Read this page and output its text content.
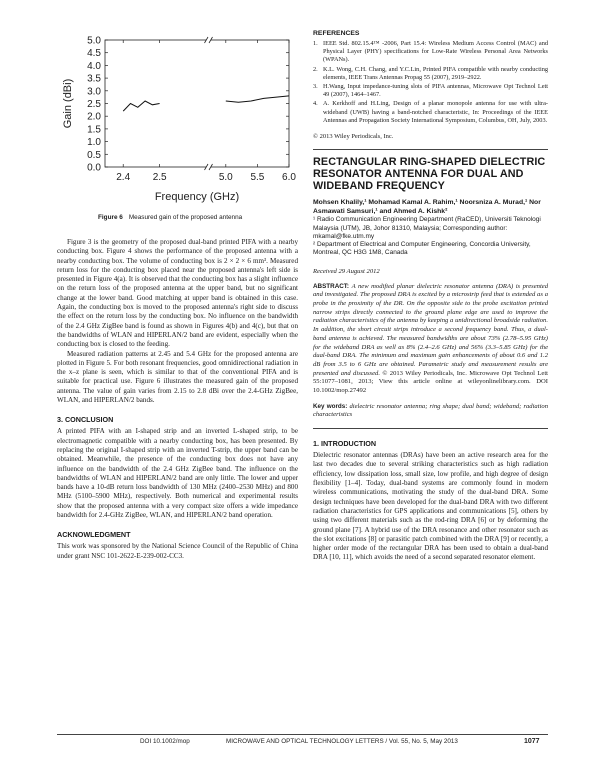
0.0
0.5
1.0
1.5
2.0
2.5
3.0
3.5
4.0
4.5
5.0
2.4 2.5	5.0 5.5 6.0
Frequency (GHz)
Gain (dBi)
Figure 6 Measured gain of the proposed antenna

Figure 3 is the geometry of the proposed dual-band printed PIFA with a nearby conducting box. Figure 4 shows the performance of the proposed antenna with a nearby conducting box. The volume of conducting box is 2 × 2 × 6 mm³. Measured return loss for the conducting box placed near the proposed antenna's left side is presented in Figure 4(a). It is observed that the conducting box has a slight influence on the return loss of the proposed antenna at the upper band, but no significant change at the lower band. Good matching at upper band is obtained in this case. Again, the conducting box is moved to the proposed antenna's right side to discuss the effect on the return loss by the conducting box. No influence on the bandwidth of the 2.4 GHz ZigBee band is found as shown in Figures 4(b) and 4(c), but that on the bandwidths of WLAN and HIPERLAN/2 band are evident, especially when the conducting box is closed to the feeding.

Measured radiation patterns at 2.45 and 5.4 GHz for the proposed antenna are plotted in Figure 5. For both resonant frequencies, good omnidirectional radiation in the x–z plane is seen, which is similar to that of the conventional PIFA and is suitable for practical use. Figure 6 illustrates the measured gain of the proposed antenna. The value of gain varies from 2.15 to 2.8 dBi over the 2.4-GHz ZigBee, WLAN, and HIPERLAN/2 bands.

3. CONCLUSION

A printed PIFA with an I-shaped strip and an inverted L-shaped strip, to be electromagnetic compatible with a nearby conducting box, has been presented. By replacing the original I-shaped strip with an inverted T-strip, the upper band can be obtained. Meanwhile, the presence of the conducting box does not have any influence on the bandwidth of the 2.4 GHz ZigBee band. The influence on the bandwidths of WLAN and HIPERLAN/2 band are only little. The lower and upper bands have a 10-dB return loss bandwidth of 130 MHz (2400–2530 MHz) and 800 MHz (5100–5900 MHz), respectively. Both numerical and experimental results show that the proposed antenna with a very compact size offers a wide impedance bandwidth for 2.4-GHz ZigBee, WLAN, and HIPERLAN/2 band operation.

ACKNOWLEDGMENT

This work was sponsored by the National Science Council of the Republic of China under grant NSC 101-2622-E-239-002-CC3.

REFERENCES
1. IEEE Std. 802.15.4™ -2006, Part 15.4: Wireless Medium Access Control (MAC) and Physical Layer (PHY) specifications for Low-Rate Wireless Personal Area Networks (WPANs).
2. K.L. Wong, C.H. Chang, and Y.C.Lin, Printed PIFA compatible with nearby conducting elements, IEEE Trans Antennas Propag 55 (2007), 2919–2922.
3. H.Wang, Input impedance-tuning slots of PIFA antennas, Microwave Opt Technol Lett 49 (2007), 1464–1467.
4. A. Kerkhoff and H.Ling, Design of a planar monopole antenna for use with ultra-wideband (UWB) having a band-notched characteristic, In: Proceedings of the IEEE Antennas and Propagation Society International Symposium, Columbus, OH, July, 2003.

© 2013 Wiley Periodicals, Inc.

RECTANGULAR RING-SHAPED DIELECTRIC RESONATOR ANTENNA FOR DUAL AND WIDEBAND FREQUENCY

Mohsen Khalily,¹ Mohamad Kamal A. Rahim,¹ Noorsniza A. Murad,¹ Nor Asmawati Samsuri,¹ and Ahmed A. Kishk²

¹ Radio Communication Engineering Department (RaCED), Universiti Teknologi Malaysia (UTM), JB, Johor 81310, Malaysia; Corresponding author: mkamal@fke.utm.my

² Department of Electrical and Computer Engineering, Concordia University, Montreal, QC H3G 1M8, Canada

Received 29 August 2012

ABSTRACT: A new modified planar dielectric resonator antenna (DRA) is presented and investigated. The proposed DRA is excited by a microstrip feed that is extended as a probe in the proximity of the DR. On the opposite side to the probe excitation printed narrow strips directly connected to the ground plane edge are used to improve the radiation characteristics of the antenna by keeping a unidirectional broadside radiation. In addition, the short circuit strips introduce a second frequency band. Thus, a dual-band antenna is achieved. The measured bandwidths are about 73% (2.78–5.95 GHz) for the wideband DRA as well as 8% (2.4–2.6 GHz) and 56% (3.3–5.85 GHz) for the dual-band DRA. The minimum and maximum gain enhancements of about 0.6 and 1.2 dB from 3.5 to 6 GHz are obtained. Parametric study and measurement results are presented and discussed. © 2013 Wiley Periodicals, Inc. Microwave Opt Technol Lett 55:1077–1081, 2013; View this article online at wileyonlinelibrary.com. DOI 10.1002/mop.27492

Key words: dielectric resonator antenna; ring shape; dual band; wideband; radiation characteristics

1. INTRODUCTION

Dielectric resonator antennas (DRAs) have been an active research area for the last two decades due to several striking characteristics such as high radiation efficiency, low dissipation loss, small size, low profile, and high degree of design flexibility [1–4]. Today, dual-band systems are commonly found in modern wireless communications, motivating the study of the dual-band DRA. Some design techniques have been developed for the dual-band DRA with two different radiation characteristics for GPS applications and communications [5], others by using two different materials such as the rod-ring DRA [6] or by deforming the ground plane [7]. A hybrid use of the DRA resonance and other resonator such as the slot excitations [8] or parasitic patch combined with the DRA [9] or recently, a higher order mode of the rectangular DRA has been used to obtain a dual-band DRA [10, 11], which avoids the need of a second separated resonator element.

DOI 10.1002/mop	MICROWAVE AND OPTICAL TECHNOLOGY LETTERS / Vol. 55, No. 5, May 2013	1077
